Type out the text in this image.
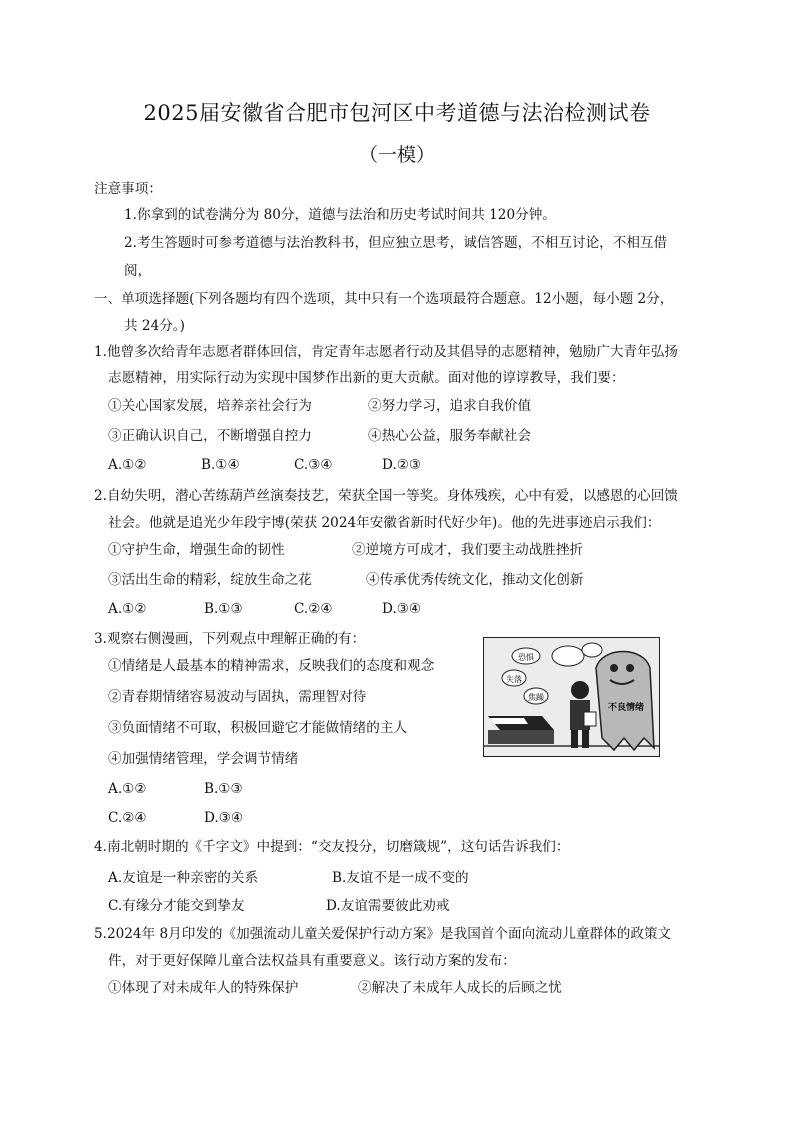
2025届安徽省合肥市包河区中考道德与法治检测试卷
（一模）
注意事项：
1.你拿到的试卷满分为 80分，道德与法治和历史考试时间共 120分钟。
2.考生答题时可参考道德与法治教科书，但应独立思考，诚信答题，不相互讨论，不相互借
阅，
一、单项选择题(下列各题均有四个选项，其中只有一个选项最符合题意。12小题，每小题 2分，
共 24分。)
1.他曾多次给青年志愿者群体回信，肯定青年志愿者行动及其倡导的志愿精神，勉励广大青年弘扬
志愿精神，用实际行动为实现中国梦作出新的更大贡献。面对他的谆谆教导，我们要：
①关心国家发展，培养亲社会行为	②努力学习，追求自我价值
③正确认识自己，不断增强自控力	④热心公益，服务奉献社会
A.①②	B.①④	C.③④	D.②③
2.自幼失明，潜心苦练葫芦丝演奏技艺，荣获全国一等奖。身体残疾，心中有爱，以感恩的心回馈
社会。他就是追光少年段宇博(荣获 2024年安徽省新时代好少年)。他的先进事迹启示我们：
①守护生命，增强生命的韧性	②逆境方可成才，我们要主动战胜挫折
③活出生命的精彩，绽放生命之花	④传承优秀传统文化，推动文化创新
A.①②	B.①③	C.②④	D.③④
3.观察右侧漫画，下列观点中理解正确的有：
①情绪是人最基本的精神需求，反映我们的态度和观念
②青春期情绪容易波动与固执，需理智对待
③负面情绪不可取，积极回避它才能做情绪的主人
④加强情绪管理，学会调节情绪
A.①②	B.①③
C.②④	D.③④
失落
焦躁
恐惧
不良情绪
4.南北朝时期的《千字文》中提到：“交友投分，切磨箴规”，这句话告诉我们：
A.友谊是一种亲密的关系	B.友谊不是一成不变的
C.有缘分才能交到挚友	D.友谊需要彼此劝戒
5.2024年 8月印发的《加强流动儿童关爱保护行动方案》是我国首个面向流动儿童群体的政策文
件，对于更好保障儿童合法权益具有重要意义。该行动方案的发布：
①体现了对未成年人的特殊保护	②解决了未成年人成长的后顾之忧
